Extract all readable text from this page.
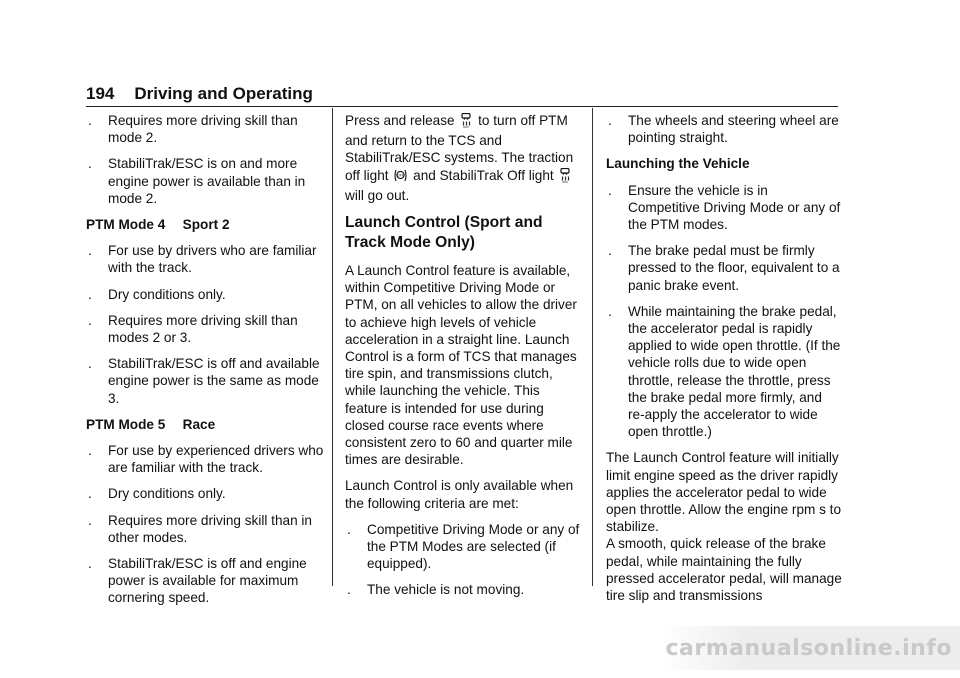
194 Driving and Operating
. Requires more driving skill than mode 2.
. StabiliTrak/ESC is on and more engine power is available than in mode 2.
PTM Mode 4  Sport 2
. For use by drivers who are familiar with the track.
. Dry conditions only.
. Requires more driving skill than modes 2 or 3.
. StabiliTrak/ESC is off and available engine power is the same as mode 3.
PTM Mode 5  Race
. For use by experienced drivers who are familiar with the track.
. Dry conditions only.
. Requires more driving skill than in other modes.
. StabiliTrak/ESC is off and engine power is available for maximum cornering speed.
Press and release	OFF to turn off PTM and return to the TCS and StabiliTrak/ESC systems. The traction off light	OFF and StabiliTrak Off light	OFF
will go out.
Launch Control (Sport and Track Mode Only)
A Launch Control feature is available, within Competitive Driving Mode or PTM, on all vehicles to allow the driver to achieve high levels of vehicle acceleration in a straight line. Launch Control is a form of TCS that manages tire spin, and transmissions clutch, while launching the vehicle. This feature is intended for use during closed course race events where consistent zero to 60 and quarter mile times are desirable.
Launch Control is only available when the following criteria are met:
. Competitive Driving Mode or any of the PTM Modes are selected (if equipped).
. The vehicle is not moving.
. The wheels and steering wheel are pointing straight.
Launching the Vehicle
. Ensure the vehicle is in Competitive Driving Mode or any of the PTM modes.
. The brake pedal must be firmly pressed to the floor, equivalent to a panic brake event.
. While maintaining the brake pedal, the accelerator pedal is rapidly applied to wide open throttle. (If the vehicle rolls due to wide open throttle, release the throttle, press the brake pedal more firmly, and re-apply the accelerator to wide open throttle.)
The Launch Control feature will initially limit engine speed as the driver rapidly applies the accelerator pedal to wide open throttle. Allow the engine rpm s to stabilize.
A smooth, quick release of the brake pedal, while maintaining the fully pressed accelerator pedal, will manage tire slip and transmissions
carmanualsonline.info
